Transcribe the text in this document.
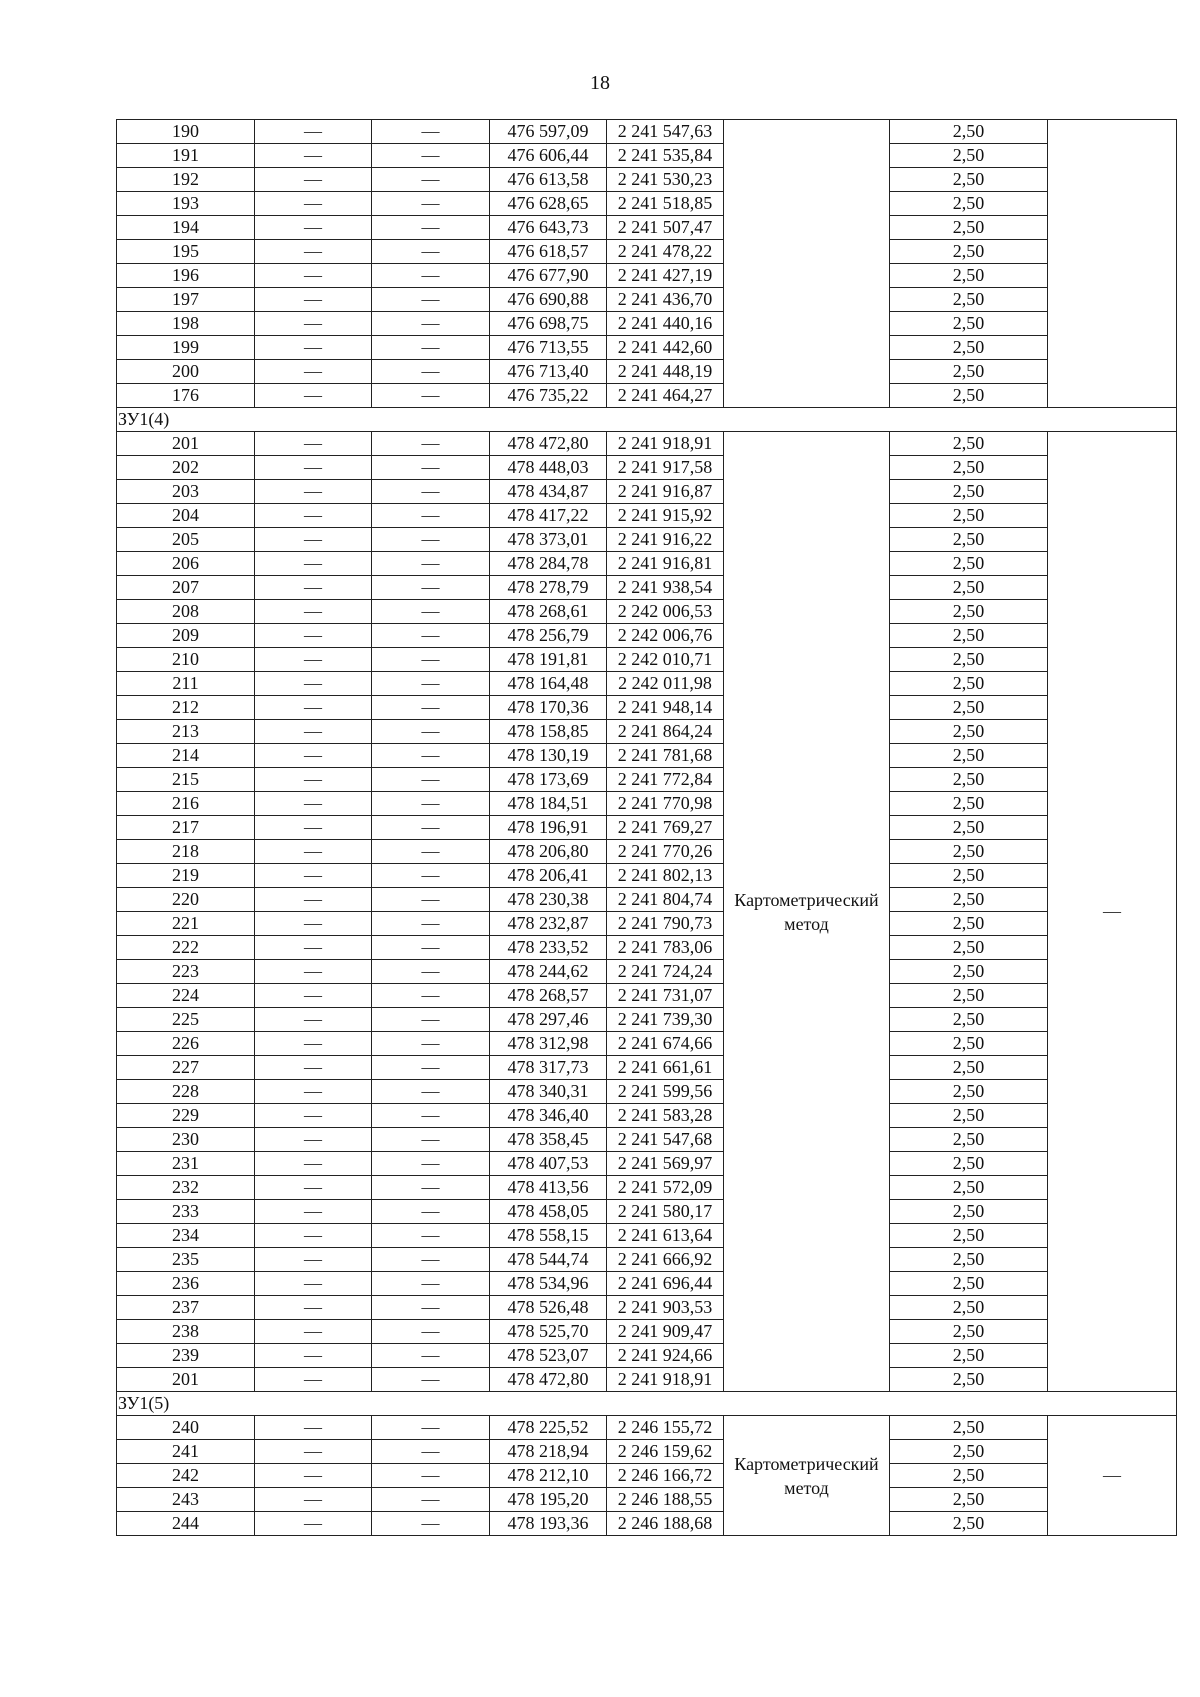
18
190	—	—	476 597,09	2 241 547,63		2,50	
191	—	—	476 606,44	2 241 535,84		2,50	
192	—	—	476 613,58	2 241 530,23		2,50	
193	—	—	476 628,65	2 241 518,85		2,50	
194	—	—	476 643,73	2 241 507,47		2,50	
195	—	—	476 618,57	2 241 478,22		2,50	
196	—	—	476 677,90	2 241 427,19		2,50	
197	—	—	476 690,88	2 241 436,70		2,50	
198	—	—	476 698,75	2 241 440,16		2,50	
199	—	—	476 713,55	2 241 442,60		2,50	
200	—	—	476 713,40	2 241 448,19		2,50	
176	—	—	476 735,22	2 241 464,27		2,50	
ЗУ1(4)							
201	—	—	478 472,80	2 241 918,91	Картометрический метод	2,50	—
202	—	—	478 448,03	2 241 917,58		2,50	
203	—	—	478 434,87	2 241 916,87		2,50	
204	—	—	478 417,22	2 241 915,92		2,50	
205	—	—	478 373,01	2 241 916,22		2,50	
206	—	—	478 284,78	2 241 916,81		2,50	
207	—	—	478 278,79	2 241 938,54		2,50	
208	—	—	478 268,61	2 242 006,53		2,50	
209	—	—	478 256,79	2 242 006,76		2,50	
210	—	—	478 191,81	2 242 010,71		2,50	
211	—	—	478 164,48	2 242 011,98		2,50	
212	—	—	478 170,36	2 241 948,14		2,50	
213	—	—	478 158,85	2 241 864,24		2,50	
214	—	—	478 130,19	2 241 781,68		2,50	
215	—	—	478 173,69	2 241 772,84		2,50	
216	—	—	478 184,51	2 241 770,98		2,50	
217	—	—	478 196,91	2 241 769,27		2,50	
218	—	—	478 206,80	2 241 770,26		2,50	
219	—	—	478 206,41	2 241 802,13		2,50	
220	—	—	478 230,38	2 241 804,74		2,50	
221	—	—	478 232,87	2 241 790,73		2,50	
222	—	—	478 233,52	2 241 783,06		2,50	
223	—	—	478 244,62	2 241 724,24		2,50	
224	—	—	478 268,57	2 241 731,07		2,50	
225	—	—	478 297,46	2 241 739,30		2,50	
226	—	—	478 312,98	2 241 674,66		2,50	
227	—	—	478 317,73	2 241 661,61		2,50	
228	—	—	478 340,31	2 241 599,56		2,50	
229	—	—	478 346,40	2 241 583,28		2,50	
230	—	—	478 358,45	2 241 547,68		2,50	
231	—	—	478 407,53	2 241 569,97		2,50	
232	—	—	478 413,56	2 241 572,09		2,50	
233	—	—	478 458,05	2 241 580,17		2,50	
234	—	—	478 558,15	2 241 613,64		2,50	
235	—	—	478 544,74	2 241 666,92		2,50	
236	—	—	478 534,96	2 241 696,44		2,50	
237	—	—	478 526,48	2 241 903,53		2,50	
238	—	—	478 525,70	2 241 909,47		2,50	
239	—	—	478 523,07	2 241 924,66		2,50	
201	—	—	478 472,80	2 241 918,91		2,50	
ЗУ1(5)							
240	—	—	478 225,52	2 246 155,72	Картометрический метод	2,50	—
241	—	—	478 218,94	2 246 159,62		2,50	
242	—	—	478 212,10	2 246 166,72		2,50	
243	—	—	478 195,20	2 246 188,55		2,50	
244	—	—	478 193,36	2 246 188,68		2,50	
